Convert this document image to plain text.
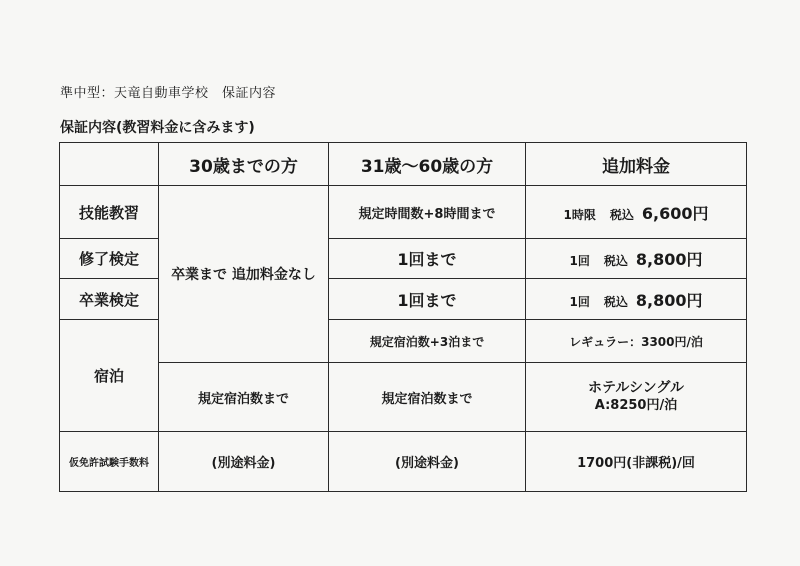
準中型：天竜自動車学校　保証内容
保証内容(教習料金に含みます)
	30歳までの方	31歳～60歳の方	追加料金
技能教習	卒業まで 追加料金なし	規定時間数+8時間まで	1時限 税込 6,600円
修了検定		1回まで	1回 税込 8,800円
卒業検定		1回まで	1回 税込 8,800円
宿泊		規定宿泊数+3泊まで	レギュラー：3300円/泊
	規定宿泊数まで	規定宿泊数まで	ホテルシングル
A:8250円/泊

仮免許試験手数料	(別途料金)	(別途料金)	1700円(非課税)/回
